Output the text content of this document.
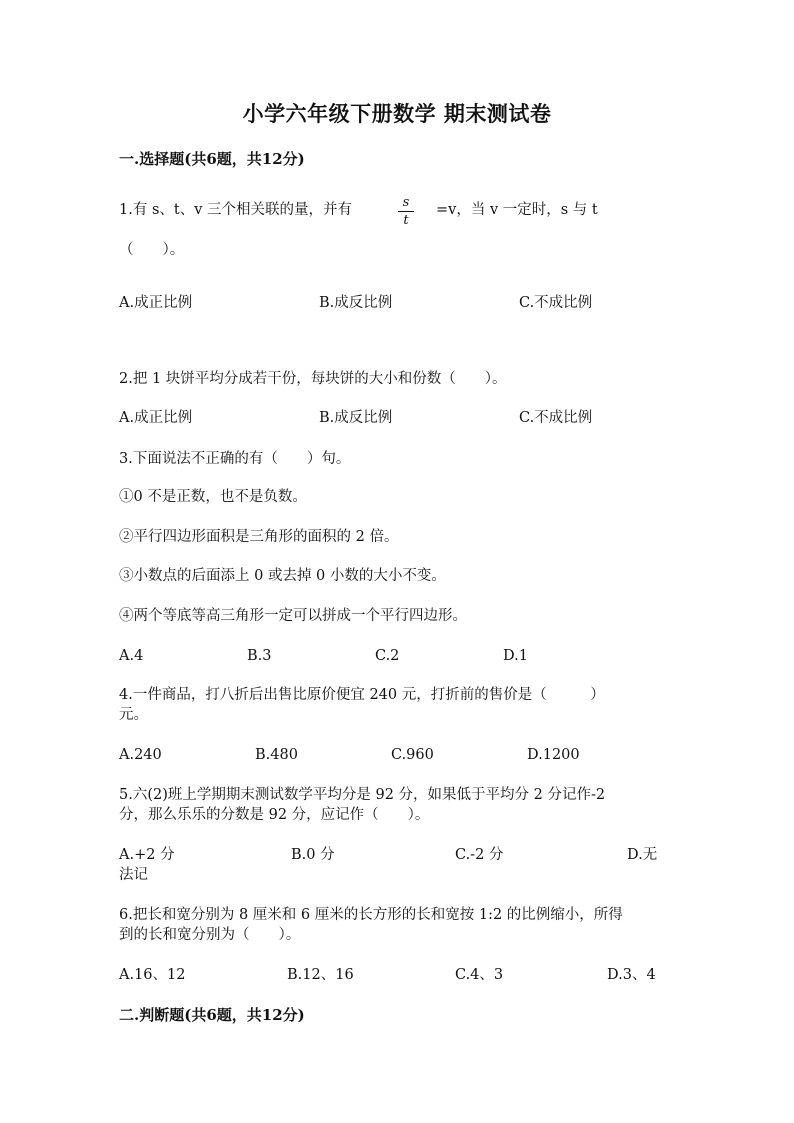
小学六年级下册数学 期末测试卷
一.选择题(共6题，共12分)
1.有 s、t、v 三个相关联的量，并有	s
t
=v，当 v 一定时，s 与 t
（　　）。
A.成正比例	B.成反比例	C.不成比例
2.把 1 块饼平均分成若干份，每块饼的大小和份数（　　）。
A.成正比例	B.成反比例	C.不成比例
3.下面说法不正确的有（　　）句。
①0 不是正数，也不是负数。
②平行四边形面积是三角形的面积的 2 倍。
③小数点的后面添上 0 或去掉 0 小数的大小不变。
④两个等底等高三角形一定可以拼成一个平行四边形。
A.4	B.3	C.2	D.1
4.一件商品，打八折后出售比原价便宜 240 元，打折前的售价是（　　　）
元。
A.240	B.480	C.960	D.1200
5.六(2)班上学期期末测试数学平均分是 92 分，如果低于平均分 2 分记作-2
分，那么乐乐的分数是 92 分，应记作（　　）。
A.+2 分	B.0 分	C.-2 分	D.无
法记
6.把长和宽分别为 8 厘米和 6 厘米的长方形的长和宽按 1:2 的比例缩小，所得
到的长和宽分别为（　　）。
A.16、12	B.12、16	C.4、3	D.3、4
二.判断题(共6题，共12分)
